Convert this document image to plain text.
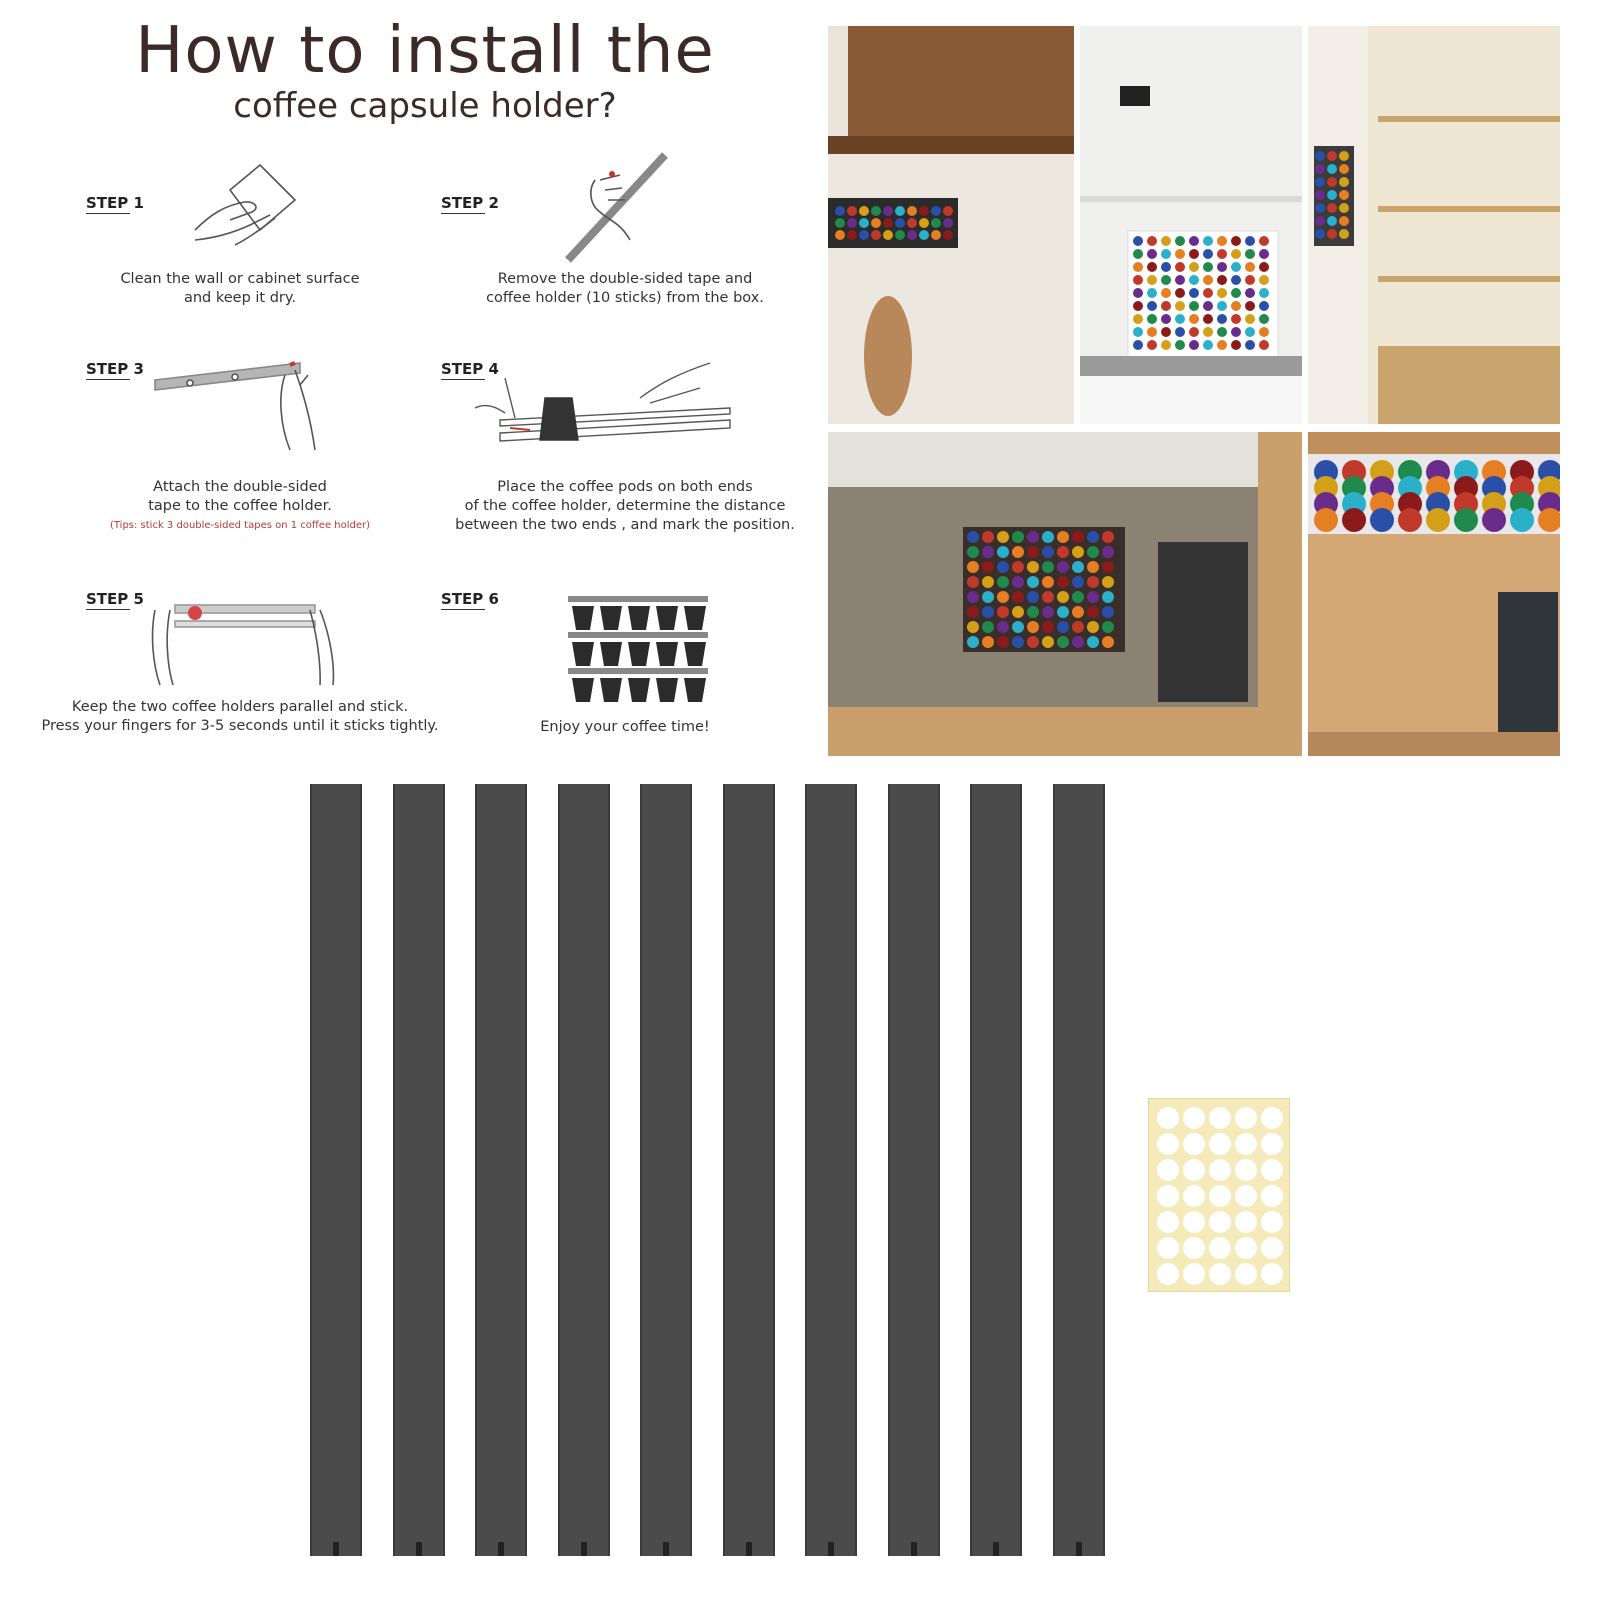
How to install the
coffee capsule holder?
STEP 1
Clean the wall or cabinet surface
and keep it dry.
STEP 2
Remove the double-sided tape and
coffee holder (10 sticks) from the box.
STEP 3
Attach the double-sided
tape to the coffee holder.
(Tips: stick 3 double-sided tapes on 1 coffee holder)
STEP 4
Place the coffee pods on both ends
of the coffee holder, determine the distance
between the two ends , and mark the position.
STEP 5
Keep the two coffee holders parallel and stick.
Press your fingers for 3-5 seconds until it sticks tightly.
STEP 6
Enjoy your coffee time!
